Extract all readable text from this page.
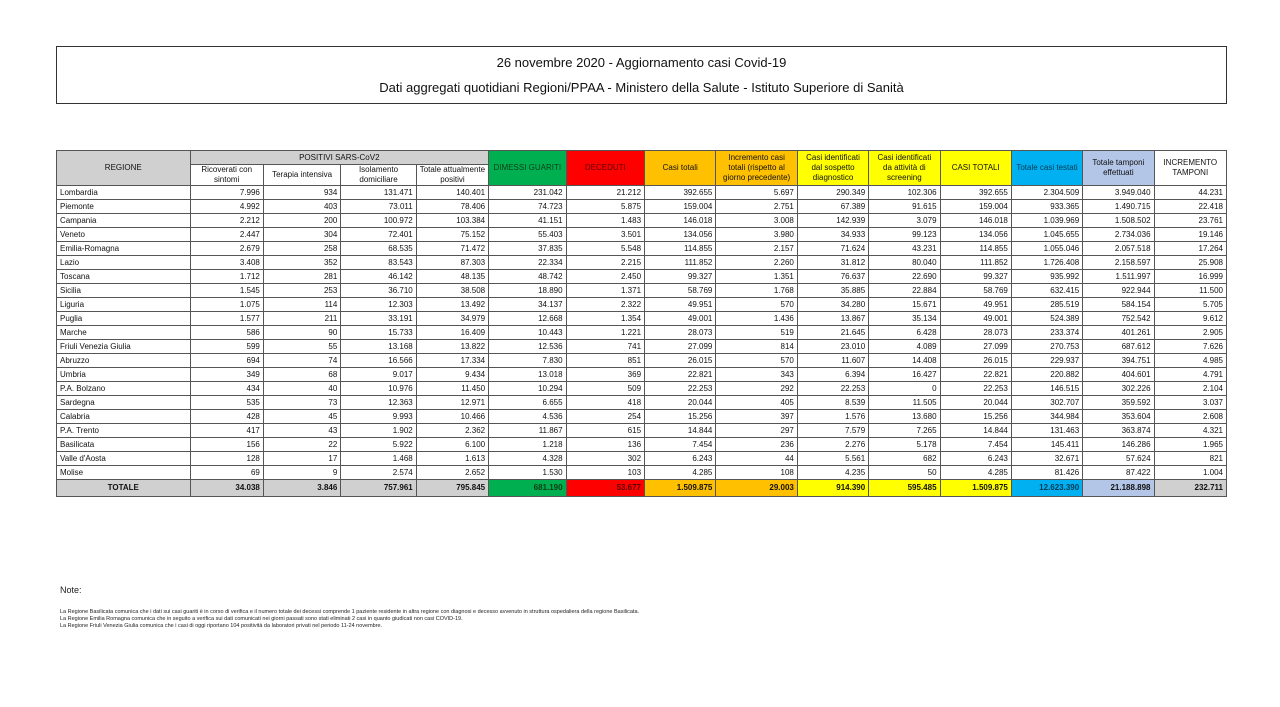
26 novembre 2020 - Aggiornamento casi Covid-19
Dati aggregati quotidiani Regioni/PPAA - Ministero della Salute - Istituto Superiore di Sanità
REGIONE	POSITIVI SARS-CoV2				DIMESSI GUARITI	DECEDUTI	Casi totali	Incremento casi totali (rispetto al giorno precedente)	Casi identificati dal sospetto diagnostico	Casi identificati da attività di screening	CASI TOTALI	Totale casi testati	Totale tamponi effettuati	INCREMENTO TAMPONI
	Ricoverati con sintomi	Terapia intensiva	Isolamento domiciliare	Totale attualmente positivi										
Lombardia	7.996	934	131.471	140.401	231.042	21.212	392.655	5.697	290.349	102.306	392.655	2.304.509	3.949.040	44.231
Piemonte	4.992	403	73.011	78.406	74.723	5.875	159.004	2.751	67.389	91.615	159.004	933.365	1.490.715	22.418
Campania	2.212	200	100.972	103.384	41.151	1.483	146.018	3.008	142.939	3.079	146.018	1.039.969	1.508.502	23.761
Veneto	2.447	304	72.401	75.152	55.403	3.501	134.056	3.980	34.933	99.123	134.056	1.045.655	2.734.036	19.146
Emilia-Romagna	2.679	258	68.535	71.472	37.835	5.548	114.855	2.157	71.624	43.231	114.855	1.055.046	2.057.518	17.264
Lazio	3.408	352	83.543	87.303	22.334	2.215	111.852	2.260	31.812	80.040	111.852	1.726.408	2.158.597	25.908
Toscana	1.712	281	46.142	48.135	48.742	2.450	99.327	1.351	76.637	22.690	99.327	935.992	1.511.997	16.999
Sicilia	1.545	253	36.710	38.508	18.890	1.371	58.769	1.768	35.885	22.884	58.769	632.415	922.944	11.500
Liguria	1.075	114	12.303	13.492	34.137	2.322	49.951	570	34.280	15.671	49.951	285.519	584.154	5.705
Puglia	1.577	211	33.191	34.979	12.668	1.354	49.001	1.436	13.867	35.134	49.001	524.389	752.542	9.612
Marche	586	90	15.733	16.409	10.443	1.221	28.073	519	21.645	6.428	28.073	233.374	401.261	2.905
Friuli Venezia Giulia	599	55	13.168	13.822	12.536	741	27.099	814	23.010	4.089	27.099	270.753	687.612	7.626
Abruzzo	694	74	16.566	17.334	7.830	851	26.015	570	11.607	14.408	26.015	229.937	394.751	4.985
Umbria	349	68	9.017	9.434	13.018	369	22.821	343	6.394	16.427	22.821	220.882	404.601	4.791
P.A. Bolzano	434	40	10.976	11.450	10.294	509	22.253	292	22.253	0	22.253	146.515	302.226	2.104
Sardegna	535	73	12.363	12.971	6.655	418	20.044	405	8.539	11.505	20.044	302.707	359.592	3.037
Calabria	428	45	9.993	10.466	4.536	254	15.256	397	1.576	13.680	15.256	344.984	353.604	2.608
P.A. Trento	417	43	1.902	2.362	11.867	615	14.844	297	7.579	7.265	14.844	131.463	363.874	4.321
Basilicata	156	22	5.922	6.100	1.218	136	7.454	236	2.276	5.178	7.454	145.411	146.286	1.965
Valle d'Aosta	128	17	1.468	1.613	4.328	302	6.243	44	5.561	682	6.243	32.671	57.624	821
Molise	69	9	2.574	2.652	1.530	103	4.285	108	4.235	50	4.285	81.426	87.422	1.004
TOTALE	34.038	3.846	757.961	795.845	681.190	53.677	1.509.875	29.003	914.390	595.485	1.509.875	12.623.390	21.188.898	232.711
Note:
La Regione Basilicata comunica che i dati sui casi guariti è in corso di verifica e il numero totale dei decessi comprende 1 paziente residente in altra regione con diagnosi e decesso avvenuto in struttura ospedaliera della regione Basilicata.
La Regione Emilia Romagna comunica che in seguito a verifica sui dati comunicati nei giorni passati sono stati eliminati 2 casi in quanto giudicati non casi COVID-19.
La Regione Friuli Venezia Giulia comunica che i casi di oggi riportano 104 positività da laboratori privati nel periodo 11-24 novembre.
